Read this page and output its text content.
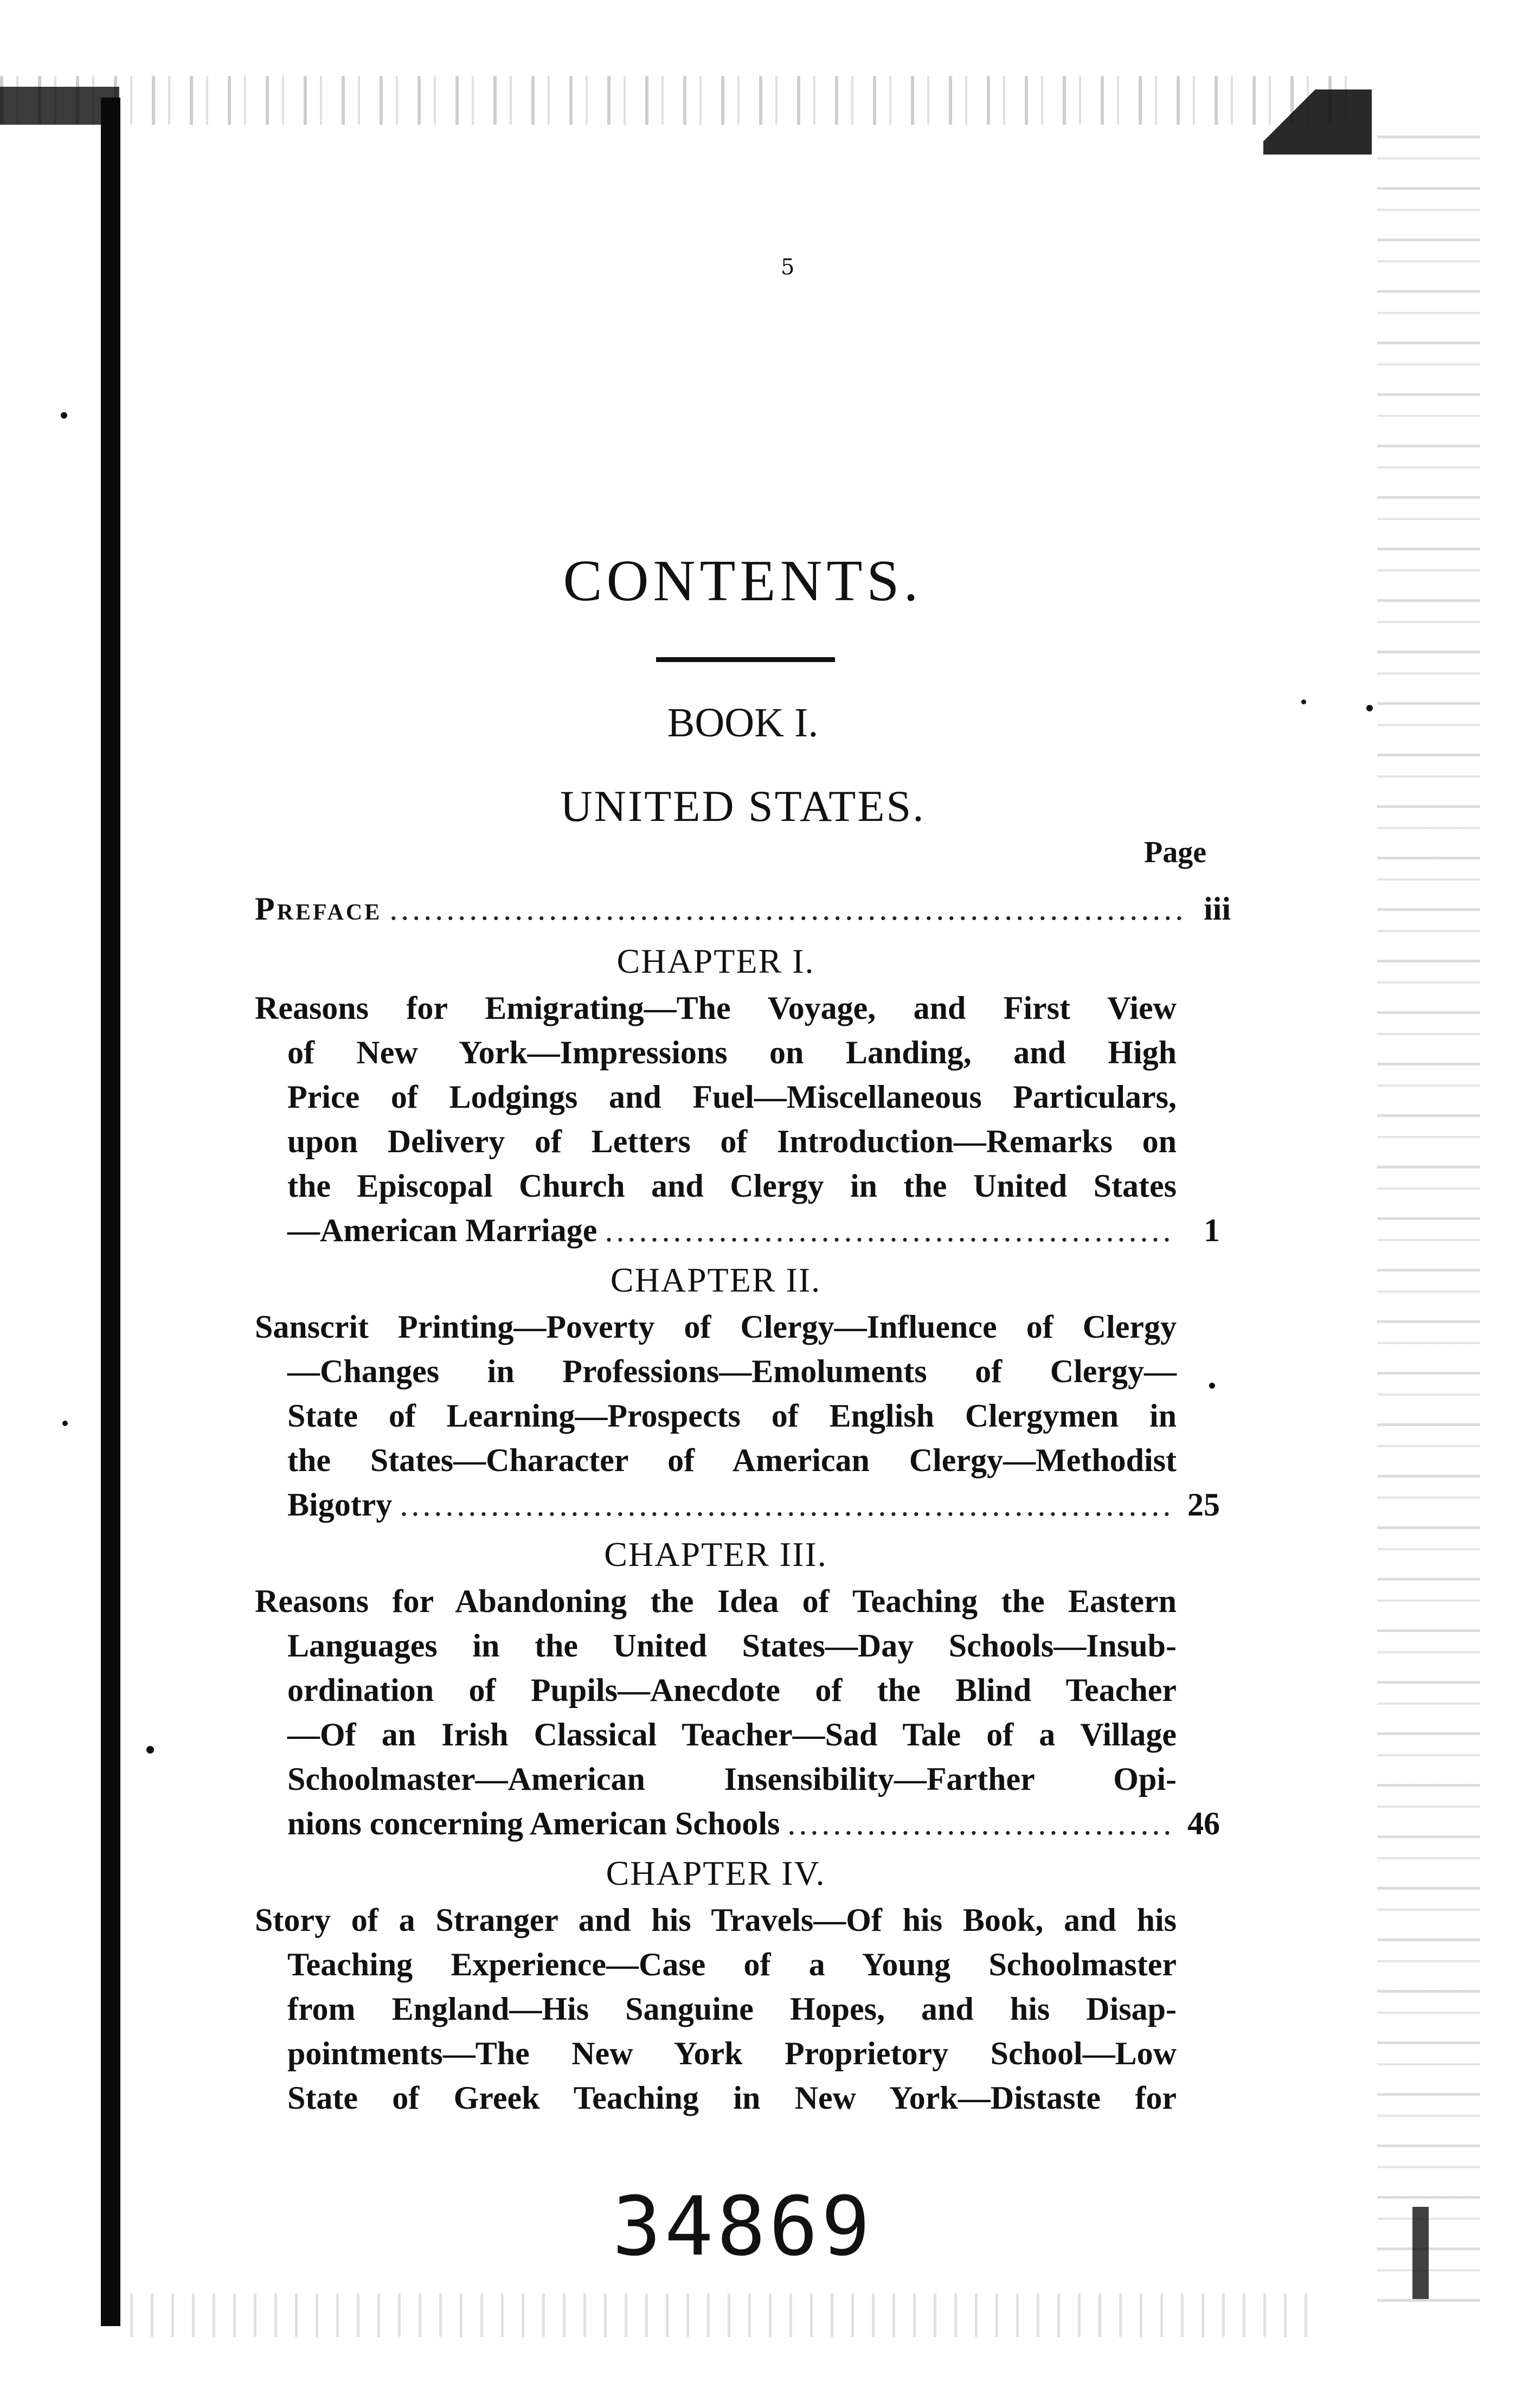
5
CONTENTS.
BOOK I.
UNITED STATES.
Page
Preface .....	iii
CHAPTER I.
Reasons for Emigrating—The Voyage, and First View
of New York—Impressions on Landing, and High
Price of Lodgings and Fuel—Miscellaneous Particulars,
upon Delivery of Letters of Introduction—Remarks on
the Episcopal Church and Clergy in the United States
—American Marriage .....	1
CHAPTER II.
Sanscrit Printing—Poverty of Clergy—Influence of Clergy
—Changes in Professions—Emoluments of Clergy—
State of Learning—Prospects of English Clergymen in
the States—Character of American Clergy—Methodist
Bigotry .....	25
CHAPTER III.
Reasons for Abandoning the Idea of Teaching the Eastern
Languages in the United States—Day Schools—Insub-
ordination of Pupils—Anecdote of the Blind Teacher
—Of an Irish Classical Teacher—Sad Tale of a Village
Schoolmaster—American Insensibility—Farther Opi-
nions concerning American Schools .....	46
CHAPTER IV.
Story of a Stranger and his Travels—Of his Book, and his
Teaching Experience—Case of a Young Schoolmaster
from England—His Sanguine Hopes, and his Disap-
pointments—The New York Proprietory School—Low
State of Greek Teaching in New York—Distaste for
34869
